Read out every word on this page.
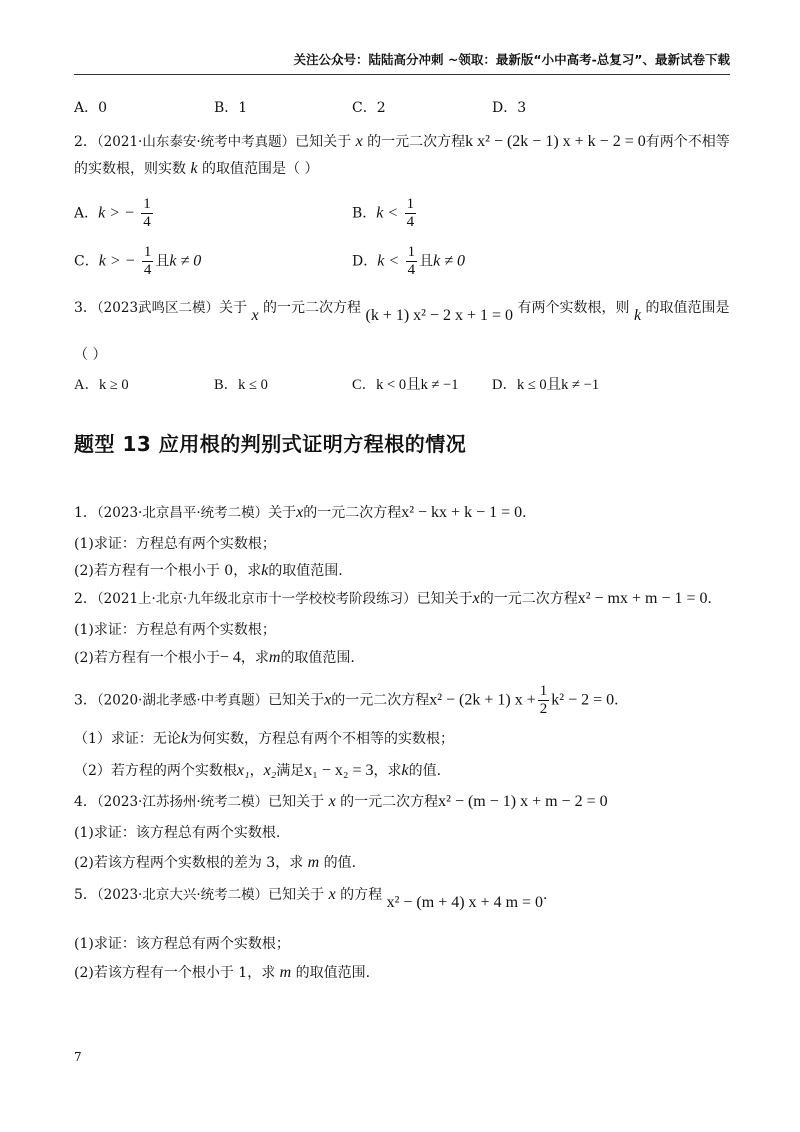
关注公众号：陆陆高分冲刺 ~领取：最新版“小中高考-总复习”、最新试卷下载
A．0	B．1	C．2	D．3
2．（2021·山东泰安·统考中考真题）已知关于 x 的一元二次方程k x² − (2k − 1) x + k − 2 = 0有两个不相等
的实数根，则实数 k 的取值范围是（ ）
A．k > − $\frac{1}{4}$	B．$k < \frac{1}{4}$
C．k > − $\frac{1}{4}$ 且k ≠ 0	D．$k < \frac{1}{4}$ 且k ≠ 0
3．（2023武鸣区二模）关于 x 的一元二次方程 (k + 1) x² − 2 x + 1 = 0 有两个实数根，则 k 的取值范围是
（ ）
A．k ≥ 0	B．k ≤ 0	C．k < 0且k ≠ −1 D．k ≤ 0且k ≠ −1
题型 13 应用根的判别式证明方程根的情况
1．（2023·北京昌平·统考二模）关于x的一元二次方程x² − kx + k − 1 = 0．
(1)求证：方程总有两个实数根；
(2)若方程有一个根小于 0，求k的取值范围.
2．（2021上·北京·九年级北京市十一学校校考阶段练习）已知关于x的一元二次方程x² − mx + m − 1 = 0．
(1)求证：方程总有两个实数根；
(2)若方程有一个根小于− 4，求m的取值范围.
3．（2020·湖北孝感·中考真题）已知关于x的一元二次方程x² − (2k + 1) $x + \frac{1}{2} k^2 - 2 = 0$．
（1）求证：无论k为何实数，方程总有两个不相等的实数根；
（2）若方程的两个实数根x₁，x₂满足x₁ − x₂ = 3，求k的值.
4．（2023·江苏扬州·统考二模）已知关于 x 的一元二次方程x² − (m − 1) x + m − 2 = 0
(1)求证：该方程总有两个实数根.
(2)若该方程两个实数根的差为 3，求 m 的值.
5．（2023·北京大兴·统考二模）已知关于 x 的方程 x² − (m + 4) x + 4 m = 0．
(1)求证：该方程总有两个实数根；
(2)若该方程有一个根小于 1，求 m 的取值范围.
7
